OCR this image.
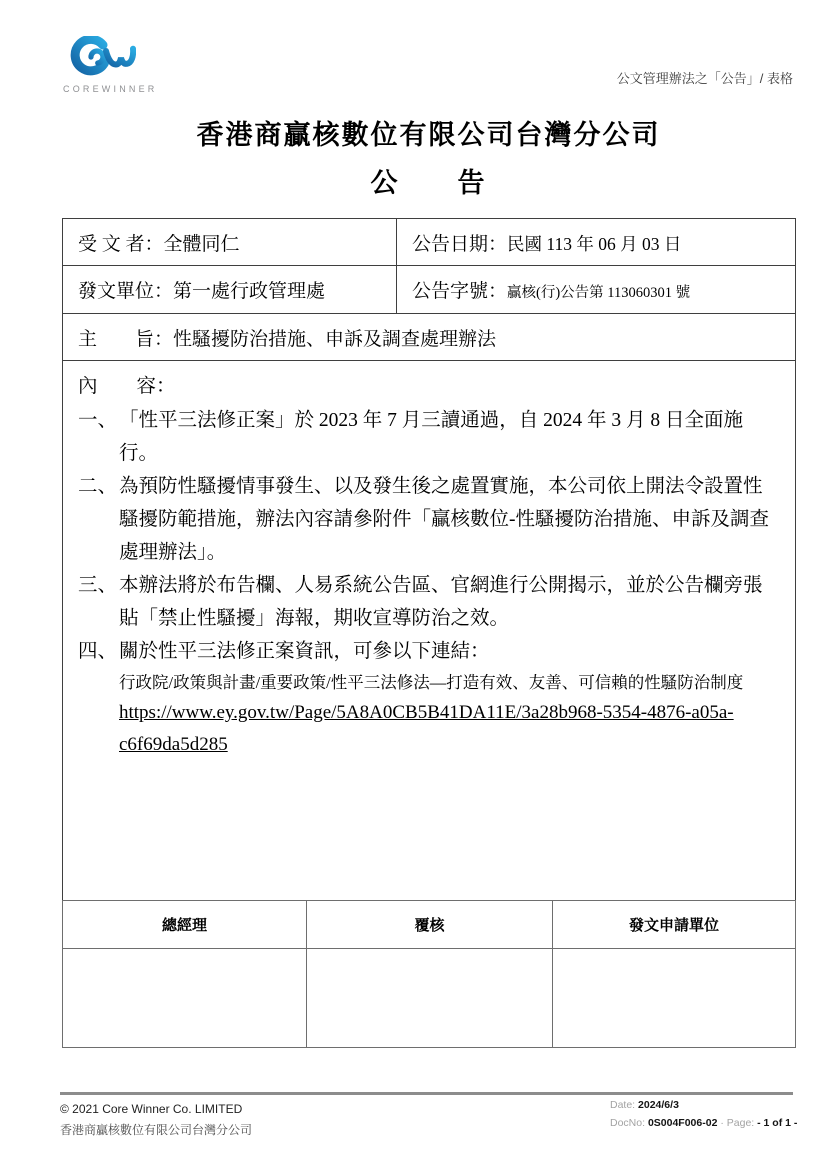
COREWINNER
公文管理辦法之「公告」/ 表格
香港商贏核數位有限公司台灣分公司
公　　告
受 文 者：全體同仁	公告日期：民國 113 年 06 月 03 日
發文單位：第一處行政管理處	公告字號：贏核(行)公告第 113060301 號
主　　旨：性騷擾防治措施、申訴及調查處理辦法	

內　　容：
一、 「性平三法修正案」於 2023 年 7 月三讀通過，自 2024 年 3 月 8 日全面施行。
二、 為預防性騷擾情事發生、以及發生後之處置實施，本公司依上開法令設置性騷擾防範措施，辦法內容請參附件「贏核數位-性騷擾防治措施、申訴及調查處理辦法」。
三、 本辦法將於布告欄、人易系統公告區、官網進行公開揭示，並於公告欄旁張貼「禁止性騷擾」海報，期收宣導防治之效。
四、 關於性平三法修正案資訊，可參以下連結：
行政院/政策與計畫/重要政策/性平三法修法—打造有效、友善、可信賴的性騷防治制度
https://www.ey.gov.tw/Page/5A8A0CB5B41DA11E/3a28b968-5354-4876-a05a-c6f69da5d285
總經理	覆核	發文申請單位

© 2021 Core Winner Co. LIMITED
香港商贏核數位有限公司台灣分公司
Date: 2024/6/3
DocNo: 0S004F006-02 · Page: - 1 of 1 -
